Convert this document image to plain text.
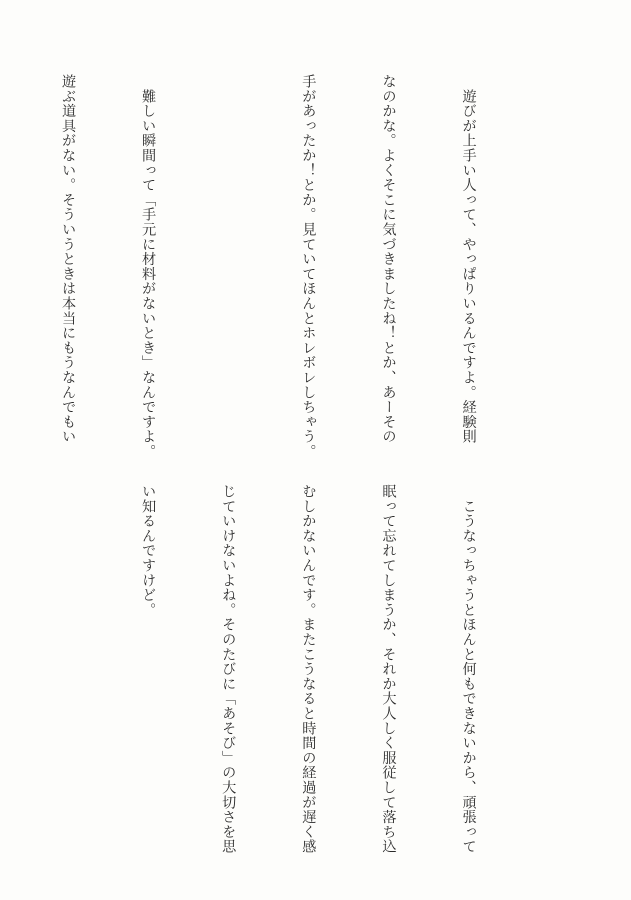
　遊びが上手い人って、やっぱりいるんですよ。経験則

なのかな。よくそこに気づきましたね！とか、あーその

手があったか！とか。見ていてほんとホレボレしちゃう。

　難しい瞬間って「手元に材料がないとき」なんですよ。

遊ぶ道具がない。そういうときは本当にもうなんでもい

　こうなっちゃうとほんと何もできないから、頑張って

眠って忘れてしまうか、それか大人しく服従して落ち込

むしかないんです。またこうなると時間の経過が遅く感

じていけないよね。そのたびに「あそび」の大切さを思

い知るんですけど。
